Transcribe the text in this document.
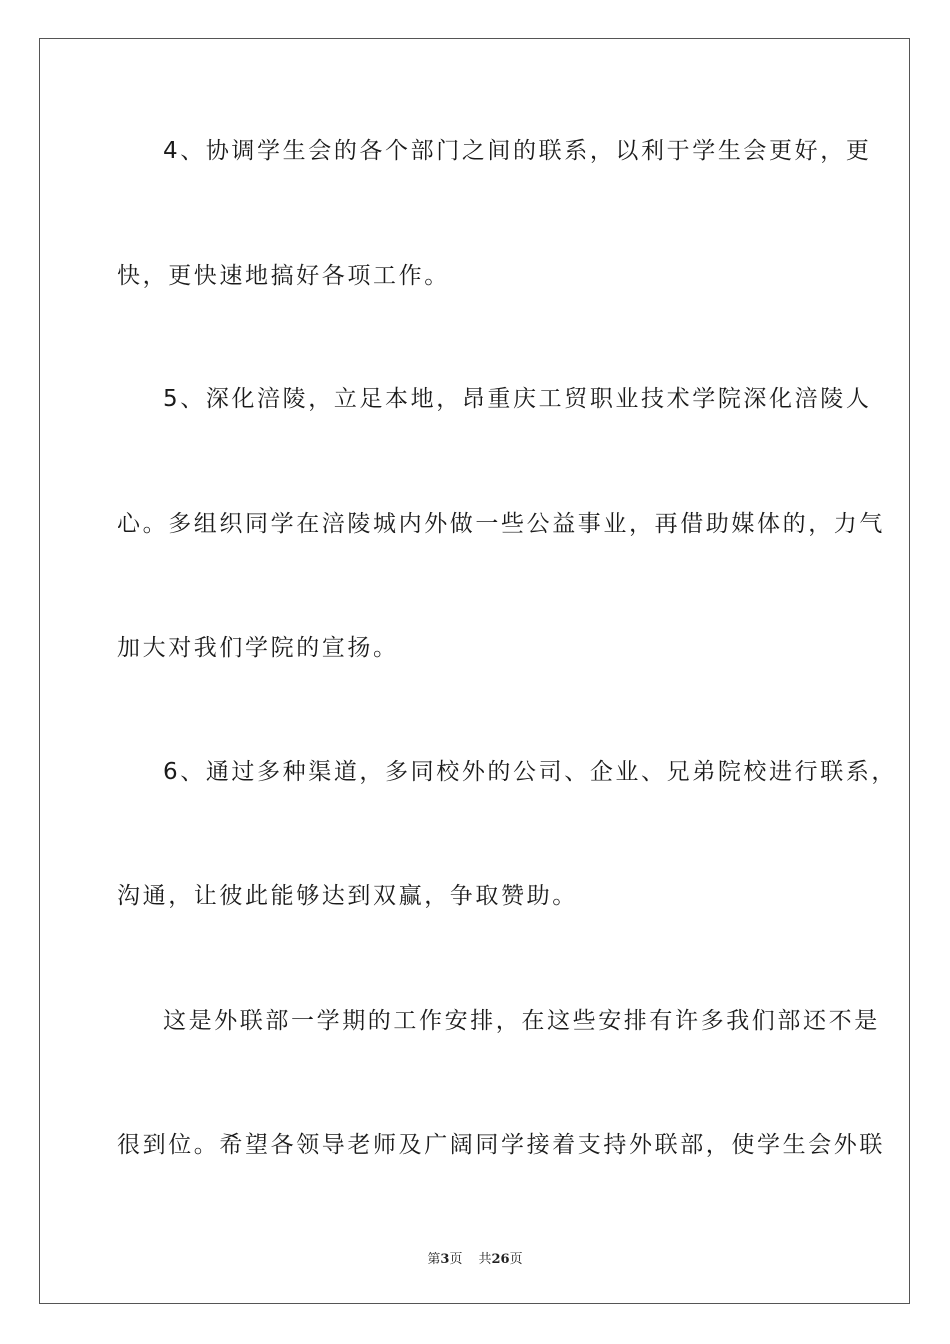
4、协调学生会的各个部门之间的联系，以利于学生会更好，更
快，更快速地搞好各项工作。
5、深化涪陵，立足本地，昂重庆工贸职业技术学院深化涪陵人
心。多组织同学在涪陵城内外做一些公益事业，再借助媒体的，力气
加大对我们学院的宣扬。
6、通过多种渠道，多同校外的公司、企业、兄弟院校进行联系，
沟通，让彼此能够达到双赢，争取赞助。
这是外联部一学期的工作安排，在这些安排有许多我们部还不是
很到位。希望各领导老师及广阔同学接着支持外联部，使学生会外联
第3页 共26页
